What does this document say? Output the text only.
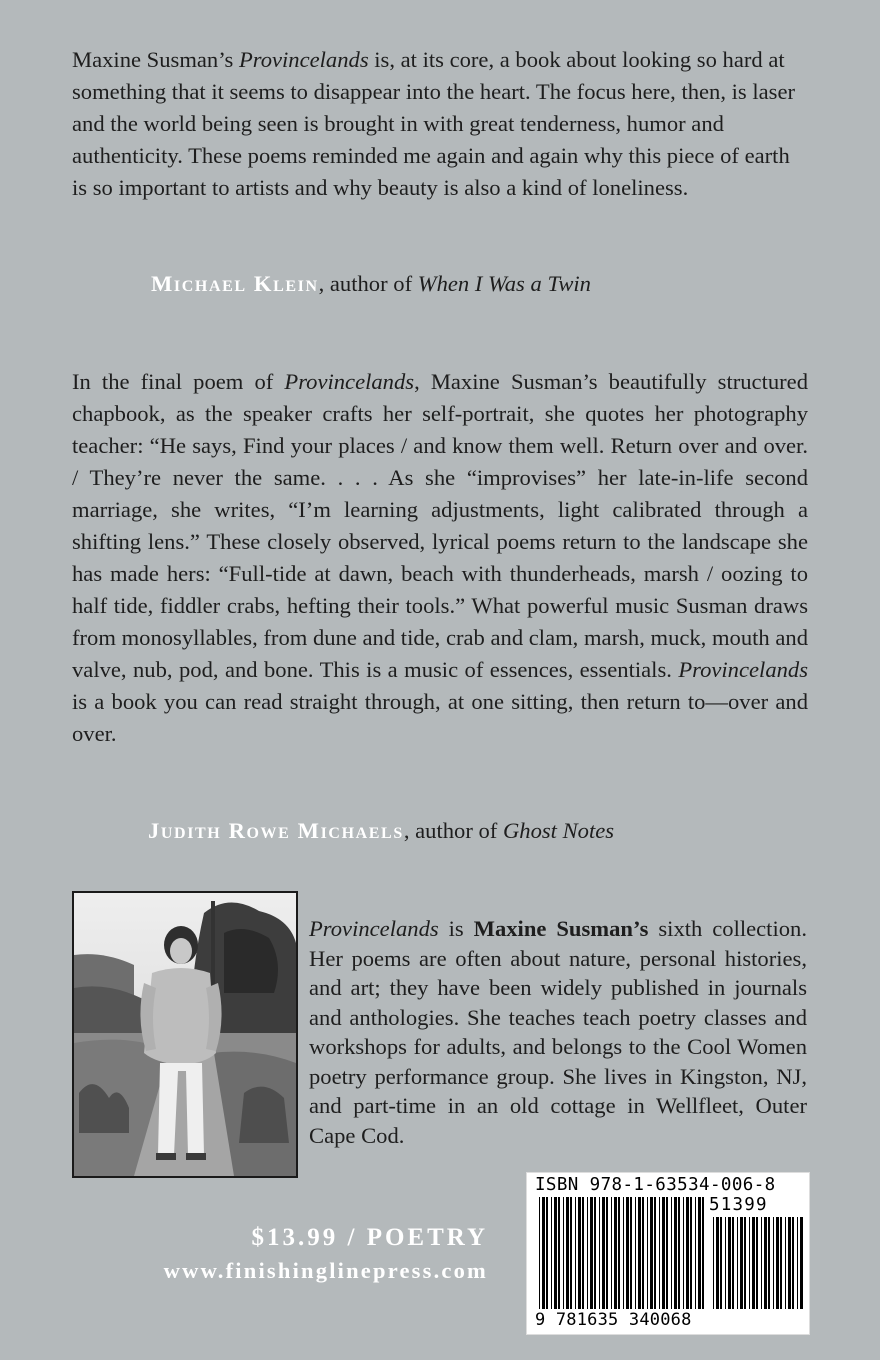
Maxine Susman’s Provincelands is, at its core, a book about looking so hard at something that it seems to disappear into the heart. The focus here, then, is laser and the world being seen is brought in with great tenderness, humor and authenticity. These poems reminded me again and again why this piece of earth is so important to artists and why beauty is also a kind of loneliness.

Michael Klein, author of When I Was a Twin

In the final poem of Provincelands, Maxine Susman’s beautifully structured chapbook, as the speaker crafts her self-portrait, she quotes her photography teacher: “He says, Find your places / and know them well. Return over and over. / They’re never the same. . . . As she “improvises” her late-in-life second marriage, she writes, “I’m learning adjustments, light calibrated through a shifting lens.” These closely observed, lyrical poems return to the landscape she has made hers: “Full-tide at dawn, beach with thunderheads, marsh / oozing to half tide, fiddler crabs, hefting their tools.” What powerful music Susman draws from monosyllables, from dune and tide, crab and clam, marsh, muck, mouth and valve, nub, pod, and bone. This is a music of essences, essentials. Provincelands is a book you can read straight through, at one sitting, then return to—over and over.

Judith Rowe Michaels, author of Ghost Notes

Provincelands is Maxine Susman’s sixth collection. Her poems are often about nature, personal histories, and art; they have been widely published in journals and anthologies. She teaches teach poetry classes and workshops for adults, and belongs to the Cool Women poetry performance group. She lives in Kingston, NJ, and part-time in an old cottage in Wellfleet, Outer Cape Cod.

$13.99 / POETRY
www.finishinglinepress.com
ISBN 978-1-63534-006-8
51399
9 781635 340068
